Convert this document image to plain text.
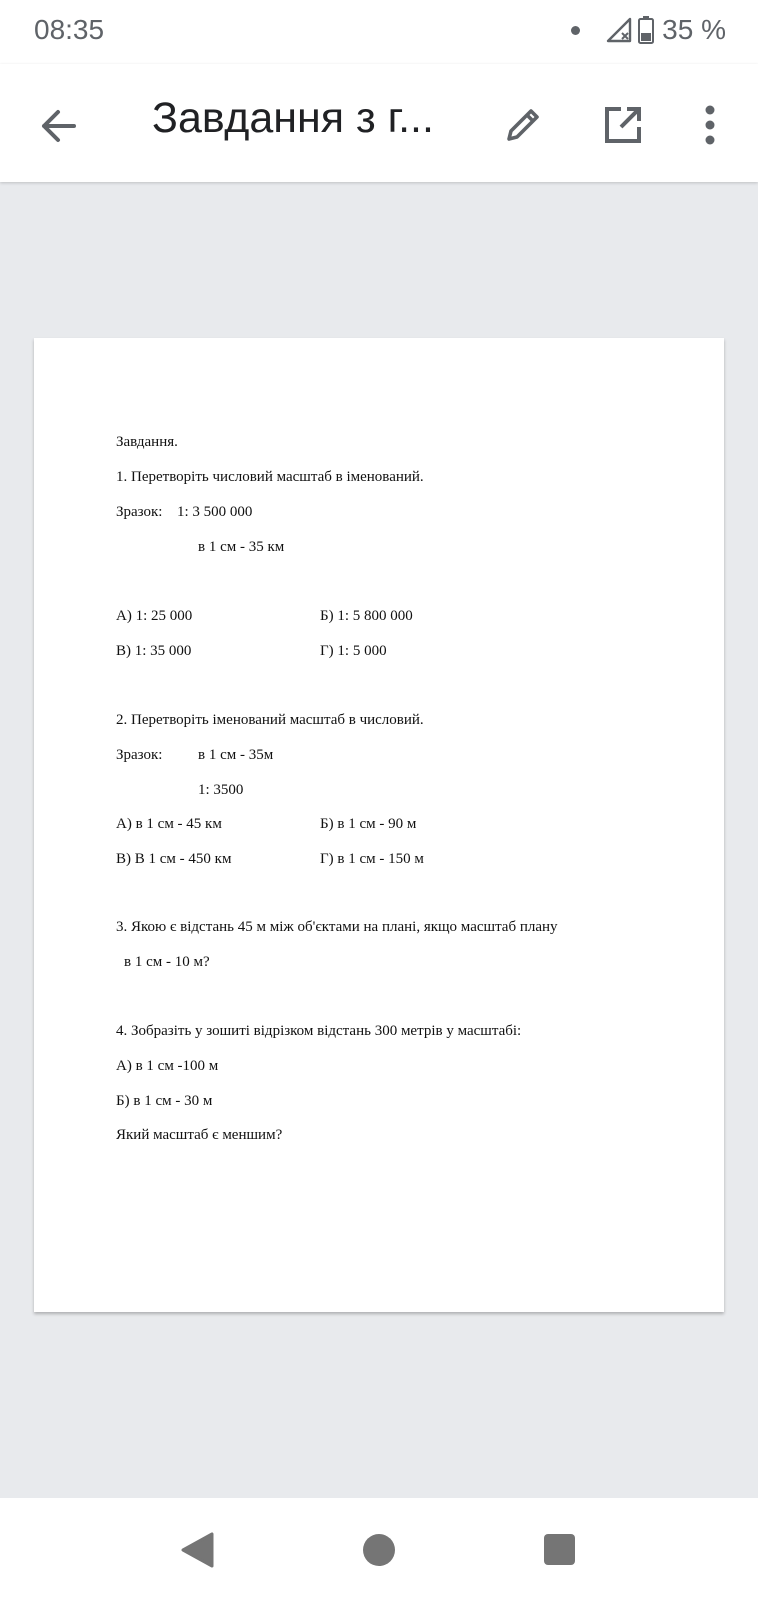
08:35	35 %
Завдання з г...
Завдання.
1. Перетворіть числовий масштаб в іменований.
Зразок: 1: 3 500 000
в 1 см - 35 км
А) 1: 25 000	Б) 1: 5 800 000
В) 1: 35 000	Г) 1: 5 000
2. Перетворіть іменований масштаб в числовий.
Зразок: в 1 см - 35м
1: 3500
А) в 1 см - 45 км	Б) в 1 см - 90 м
В) В 1 см - 450 км	Г) в 1 см - 150 м
3. Якою є відстань 45 м між об'єктами на плані, якщо масштаб плану
в 1 см - 10 м?
4. Зобразіть у зошиті відрізком відстань 300 метрів у масштабі:
А) в 1 см -100 м
Б) в 1 см - 30 м
Який масштаб є меншим?
